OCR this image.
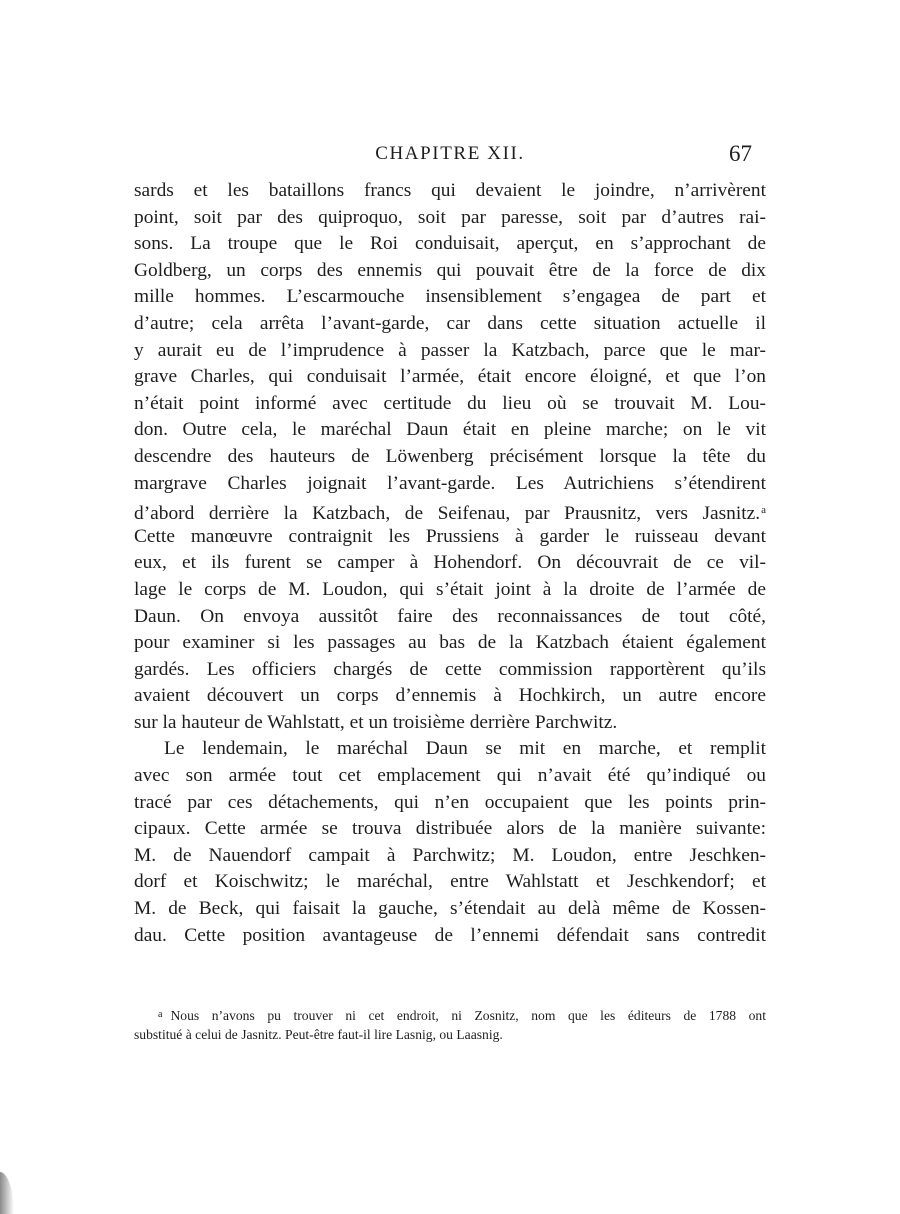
CHAPITRE XII.	67
sards et les bataillons francs qui devaient le joindre, n’arrivèrent
point, soit par des quiproquo, soit par paresse, soit par d’autres rai-
sons. La troupe que le Roi conduisait, aperçut, en s’approchant de
Goldberg, un corps des ennemis qui pouvait être de la force de dix
mille hommes. L’escarmouche insensiblement s’engagea de part et
d’autre; cela arrêta l’avant-garde, car dans cette situation actuelle il
y aurait eu de l’imprudence à passer la Katzbach, parce que le mar-
grave Charles, qui conduisait l’armée, était encore éloigné, et que l’on
n’était point informé avec certitude du lieu où se trouvait M. Lou-
don. Outre cela, le maréchal Daun était en pleine marche; on le vit
descendre des hauteurs de Löwenberg précisément lorsque la tête du
margrave Charles joignait l’avant-garde. Les Autrichiens s’étendirent
d’abord derrière la Katzbach, de Seifenau, par Prausnitz, vers Jasnitz.$^a$
Cette manœuvre contraignit les Prussiens à garder le ruisseau devant
eux, et ils furent se camper à Hohendorf. On découvrait de ce vil-
lage le corps de M. Loudon, qui s’était joint à la droite de l’armée de
Daun. On envoya aussitôt faire des reconnaissances de tout côté,
pour examiner si les passages au bas de la Katzbach étaient également
gardés. Les officiers chargés de cette commission rapportèrent qu’ils
avaient découvert un corps d’ennemis à Hochkirch, un autre encore
sur la hauteur de Wahlstatt, et un troisième derrière Parchwitz.
Le lendemain, le maréchal Daun se mit en marche, et remplit
avec son armée tout cet emplacement qui n’avait été qu’indiqué ou
tracé par ces détachements, qui n’en occupaient que les points prin-
cipaux. Cette armée se trouva distribuée alors de la manière suivante:
M. de Nauendorf campait à Parchwitz; M. Loudon, entre Jeschken-
dorf et Koischwitz; le maréchal, entre Wahlstatt et Jeschkendorf; et
M. de Beck, qui faisait la gauche, s’étendait au delà même de Kossen-
dau. Cette position avantageuse de l’ennemi défendait sans contredit
$^a$ Nous n’avons pu trouver ni cet endroit, ni Zosnitz, nom que les éditeurs de 1788 ont
substitué à celui de Jasnitz. Peut-être faut-il lire Lasnig, ou Laasnig.
